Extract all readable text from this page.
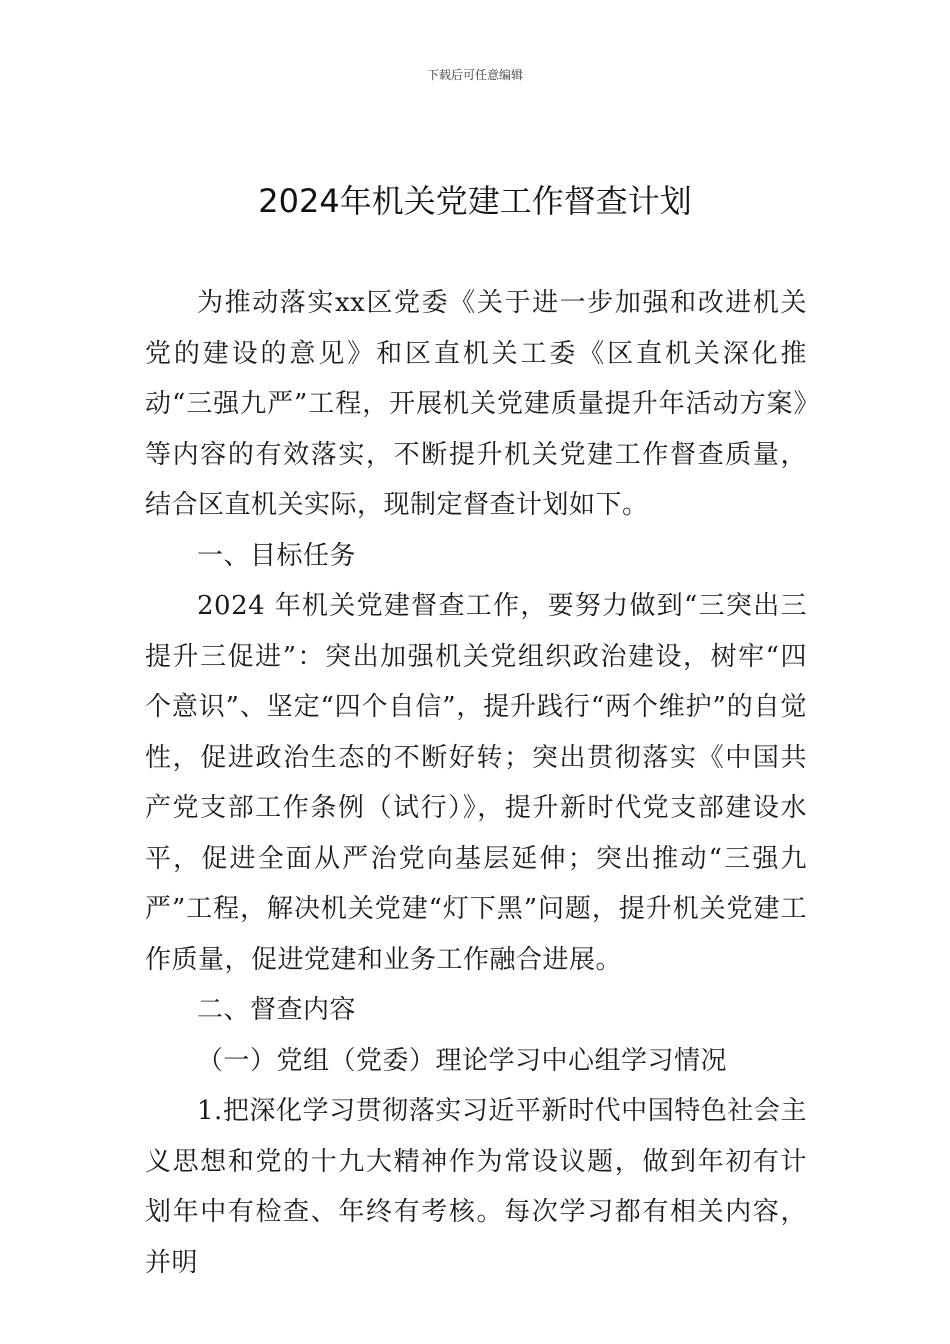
下载后可任意编辑
2024年机关党建工作督查计划

为推动落实xx区党委《关于进一步加强和改进机关党的建设的意见》和区直机关工委《区直机关深化推动“三强九严”工程，开展机关党建质量提升年活动方案》等内容的有效落实，不断提升机关党建工作督查质量，结合区直机关实际，现制定督查计划如下。

一、目标任务

2024 年机关党建督查工作，要努力做到“三突出三提升三促进”：突出加强机关党组织政治建设，树牢“四个意识”、坚定“四个自信”，提升践行“两个维护”的自觉性，促进政治生态的不断好转；突出贯彻落实《中国共产党支部工作条例（试行）》，提升新时代党支部建设水平，促进全面从严治党向基层延伸；突出推动“三强九严”工程，解决机关党建“灯下黑”问题，提升机关党建工作质量，促进党建和业务工作融合进展。

二、督查内容

（一）党组（党委）理论学习中心组学习情况

1.把深化学习贯彻落实习近平新时代中国特色社会主义思想和党的十九大精神作为常设议题，做到年初有计划年中有检查、年终有考核。每次学习都有相关内容，并明
